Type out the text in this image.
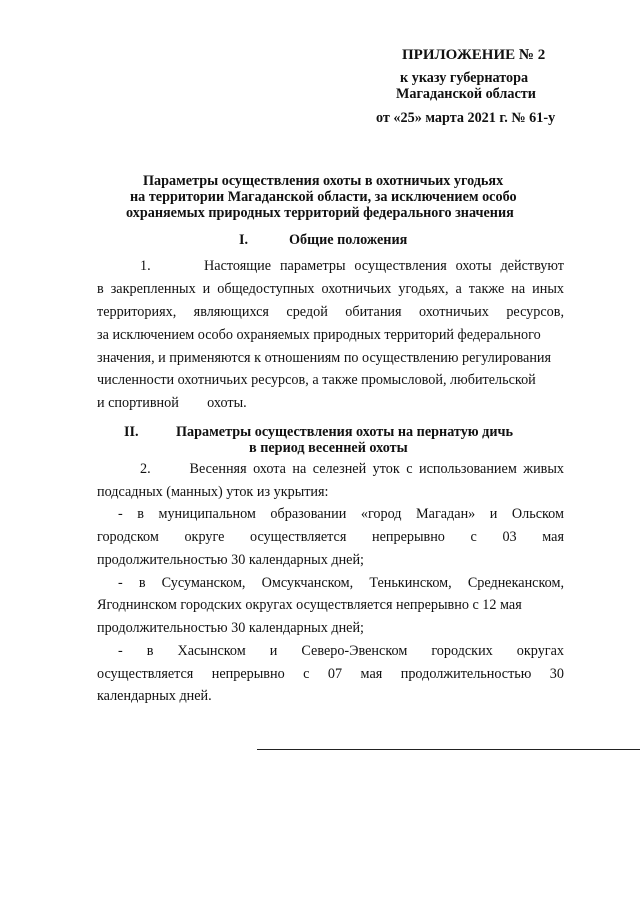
ПРИЛОЖЕНИЕ № 2
к указу губернатора
Магаданской области
от «25» марта 2021 г. № 61-у
Параметры осуществления охоты в охотничьих угодьях
на территории Магаданской области, за исключением особо
охраняемых природных территорий федерального значения
I.	Общие положения
1.      Настоящие параметры осуществления охоты действуют
в закрепленных и общедоступных охотничьих угодьях, а также на иных
территориях, являющихся средой обитания охотничьих ресурсов,
за исключением особо охраняемых природных территорий федерального
значения, и применяются к отношениям по осуществлению регулирования
численности охотничьих ресурсов, а также промысловой, любительской
и спортивной        охоты.
II.	Параметры осуществления охоты на пернатую дичь
в период весенней охоты
2.      Весенняя охота на селезней уток с использованием живых
подсадных (манных) уток из укрытия:
- в муниципальном образовании «город Магадан» и Ольском
городском округе осуществляется непрерывно с 03 мая
продолжительностью 30 календарных дней;
- в Сусуманском, Омсукчанском, Тенькинском, Среднеканском,
Ягоднинском городских округах осуществляется непрерывно с 12 мая
продолжительностью 30 календарных дней;
-      в      Хасынском      и      Северо-Эвенском      городских      округах
осуществляется непрерывно с 07 мая продолжительностью 30
календарных дней.
